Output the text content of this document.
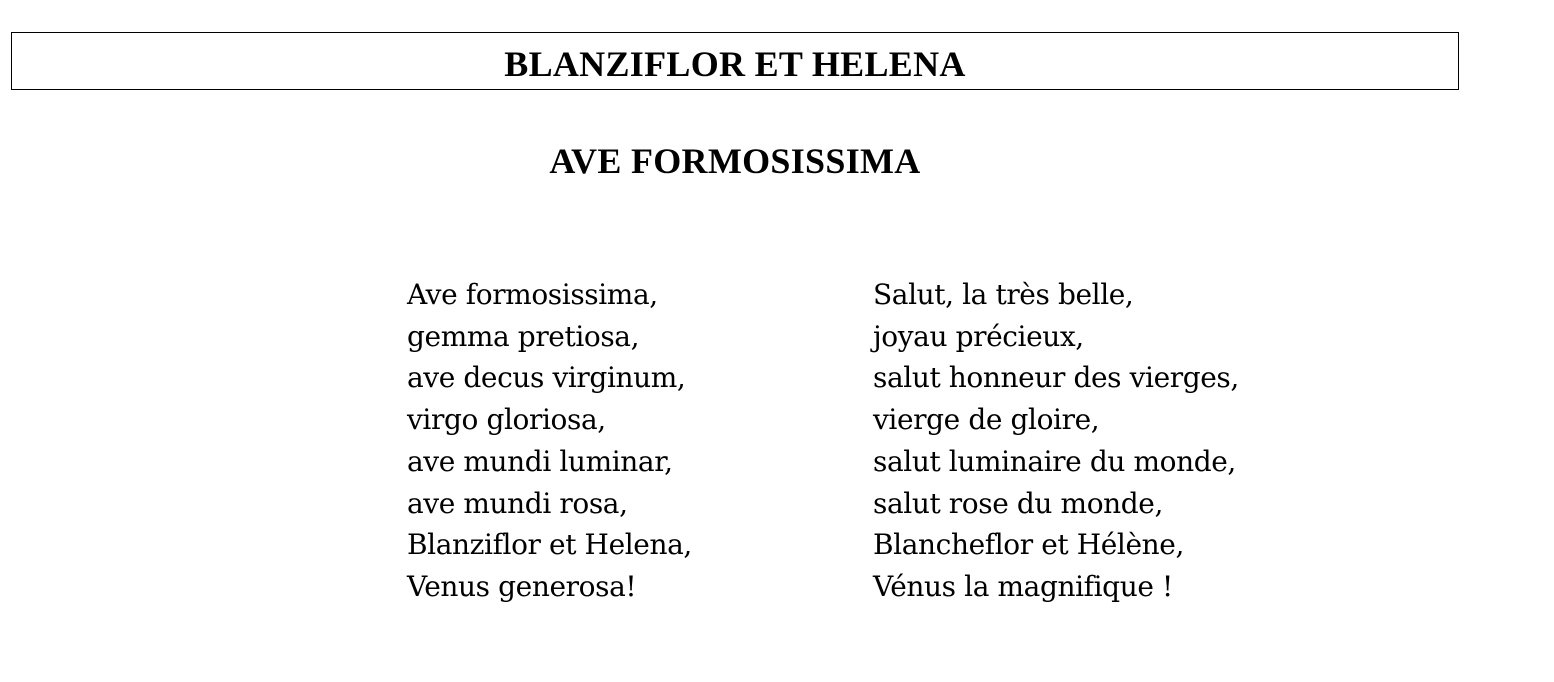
BLANZIFLOR ET HELENA
AVE FORMOSISSIMA
Ave formosissima,
gemma pretiosa,
ave decus virginum,
virgo gloriosa,
ave mundi luminar,
ave mundi rosa,
Blanziflor et Helena,
Venus generosa!
Salut, la très belle,
joyau précieux,
salut honneur des vierges,
vierge de gloire,
salut luminaire du monde,
salut rose du monde,
Blancheflor et Hélène,
Vénus la magnifique !
